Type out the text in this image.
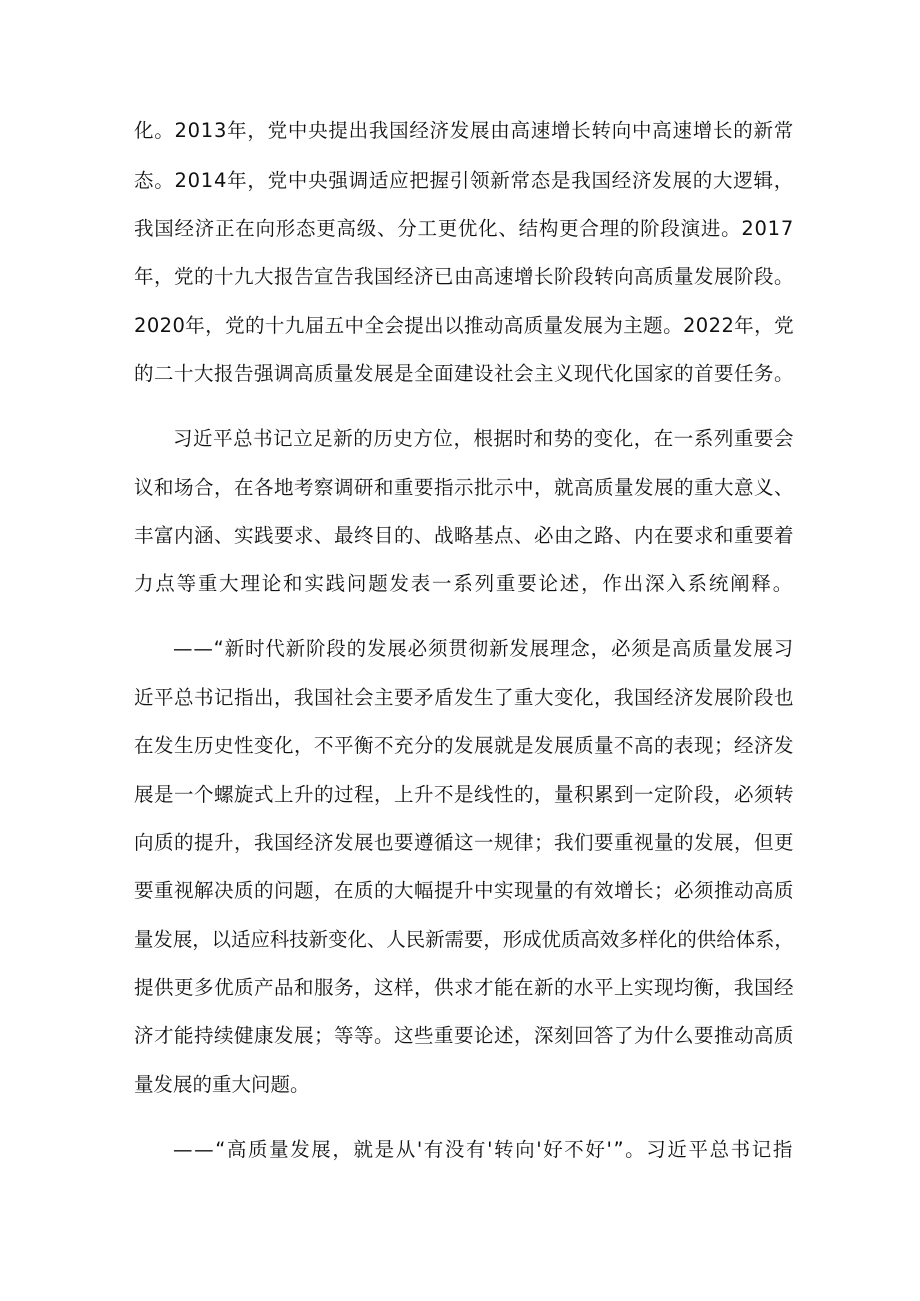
化。2013年，党中央提出我国经济发展由高速增长转向中高速增长的新常

态。2014年，党中央强调适应把握引领新常态是我国经济发展的大逻辑，

我国经济正在向形态更高级、分工更优化、结构更合理的阶段演进。2017

年，党的十九大报告宣告我国经济已由高速增长阶段转向高质量发展阶段。

2020年，党的十九届五中全会提出以推动高质量发展为主题。2022年，党

的二十大报告强调高质量发展是全面建设社会主义现代化国家的首要任务。

习近平总书记立足新的历史方位，根据时和势的变化，在一系列重要会

议和场合，在各地考察调研和重要指示批示中，就高质量发展的重大意义、

丰富内涵、实践要求、最终目的、战略基点、必由之路、内在要求和重要着

力点等重大理论和实践问题发表一系列重要论述，作出深入系统阐释。

——“新时代新阶段的发展必须贯彻新发展理念，必须是高质量发展习

近平总书记指出，我国社会主要矛盾发生了重大变化，我国经济发展阶段也

在发生历史性变化，不平衡不充分的发展就是发展质量不高的表现；经济发

展是一个螺旋式上升的过程，上升不是线性的，量积累到一定阶段，必须转

向质的提升，我国经济发展也要遵循这一规律；我们要重视量的发展，但更

要重视解决质的问题，在质的大幅提升中实现量的有效增长；必须推动高质

量发展，以适应科技新变化、人民新需要，形成优质高效多样化的供给体系，

提供更多优质产品和服务，这样，供求才能在新的水平上实现均衡，我国经

济才能持续健康发展；等等。这些重要论述，深刻回答了为什么要推动高质

量发展的重大问题。

——“高质量发展，就是从'有没有'转向'好不好'”。习近平总书记指
